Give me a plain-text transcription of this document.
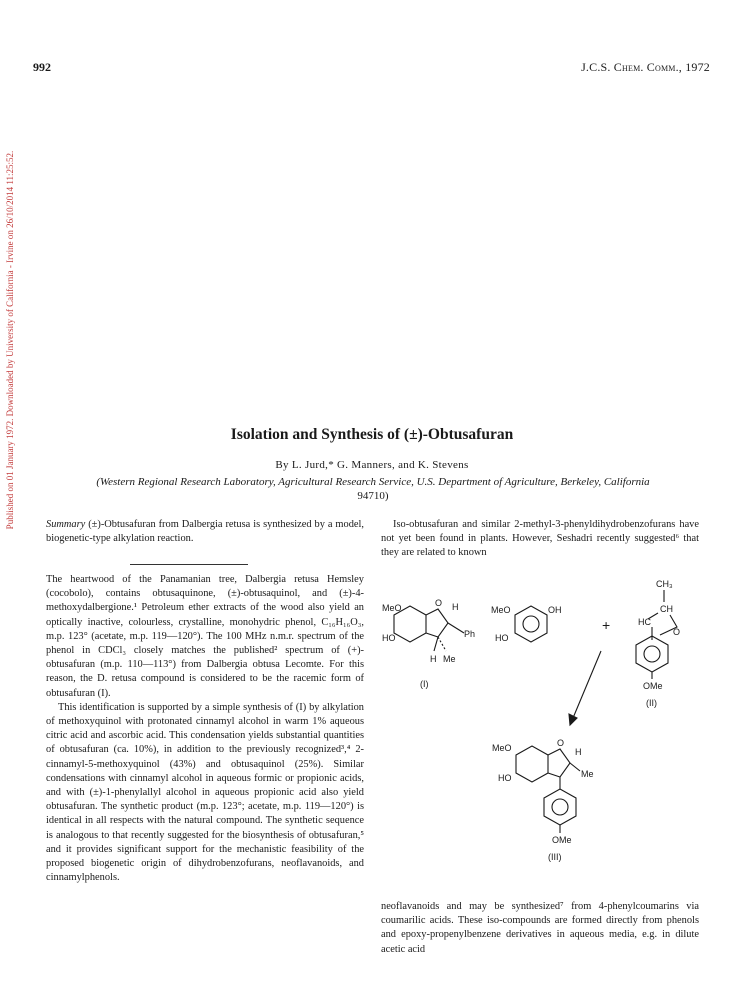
992	J.C.S. Chem. Comm., 1972
Published on 01 January 1972. Downloaded by University of California - Irvine on 26/10/2014 11:25:52.	Isolation and Synthesis of (±)-Obtusafuran
By L. Jurd,* G. Manners, and K. Stevens
(Western Regional Research Laboratory, Agricultural Research Service, U.S. Department of Agriculture, Berkeley, California
94710)

Summary (±)-Obtusafuran from Dalbergia retusa is synthesized by a model, biogenetic-type alkylation reaction.

The heartwood of the Panamanian tree, Dalbergia retusa Hemsley (cocobolo), contains obtusaquinone, (±)-obtusaquinol, and (±)-4-methoxydalbergione.¹ Petroleum ether extracts of the wood also yield an optically inactive, colourless, crystalline, monohydric phenol, C₁₆H₁₆O₃, m.p. 123° (acetate, m.p. 119—120°). The 100 MHz n.m.r. spectrum of the phenol in CDCl₃ closely matches the published² spectrum of (+)-obtusafuran (m.p. 110—113°) from Dalbergia obtusa Lecomte. For this reason, the D. retusa compound is considered to be the racemic form of obtusafuran (I).

This identification is supported by a simple synthesis of (I) by alkylation of methoxyquinol with protonated cinnamyl alcohol in warm 1% aqueous citric acid and ascorbic acid. This condensation yields substantial quantities of obtusafuran (ca. 10%), in addition to the previously recognized³,⁴ 2-cinnamyl-5-methoxyquinol (43%) and obtusaquinol (25%). Similar condensations with cinnamyl alcohol in aqueous formic or propionic acids, and with (±)-1-phenylallyl alcohol in aqueous propionic acid also yield obtusafuran. The synthetic product (m.p. 123°; acetate, m.p. 119—120°) is identical in all respects with the natural compound. The synthetic sequence is analogous to that recently suggested for the biosynthesis of obtusafuran,⁵ and it provides significant support for the mechanistic feasibility of the proposed biogenetic origin of dihydrobenzofurans, neoflavanoids, and cinnamylphenols.

Iso-obtusafuran and similar 2-methyl-3-phenyldihydrobenzofurans have not yet been found in plants. However, Seshadri recently suggested⁶ that they are related to known

MeO
HO
O H
Ph
H Me
(I)
MeO	OH
HO
+
CH₃
CH
HC
O
OMe
(II)
MeO
HO
O
H
Me
OMe
(III)

neoflavanoids and may be synthesized⁷ from 4-phenylcoumarins via coumarilic acids. These iso-compounds are formed directly from phenols and epoxy-propenylbenzene derivatives in aqueous media, e.g. in dilute acetic acid
